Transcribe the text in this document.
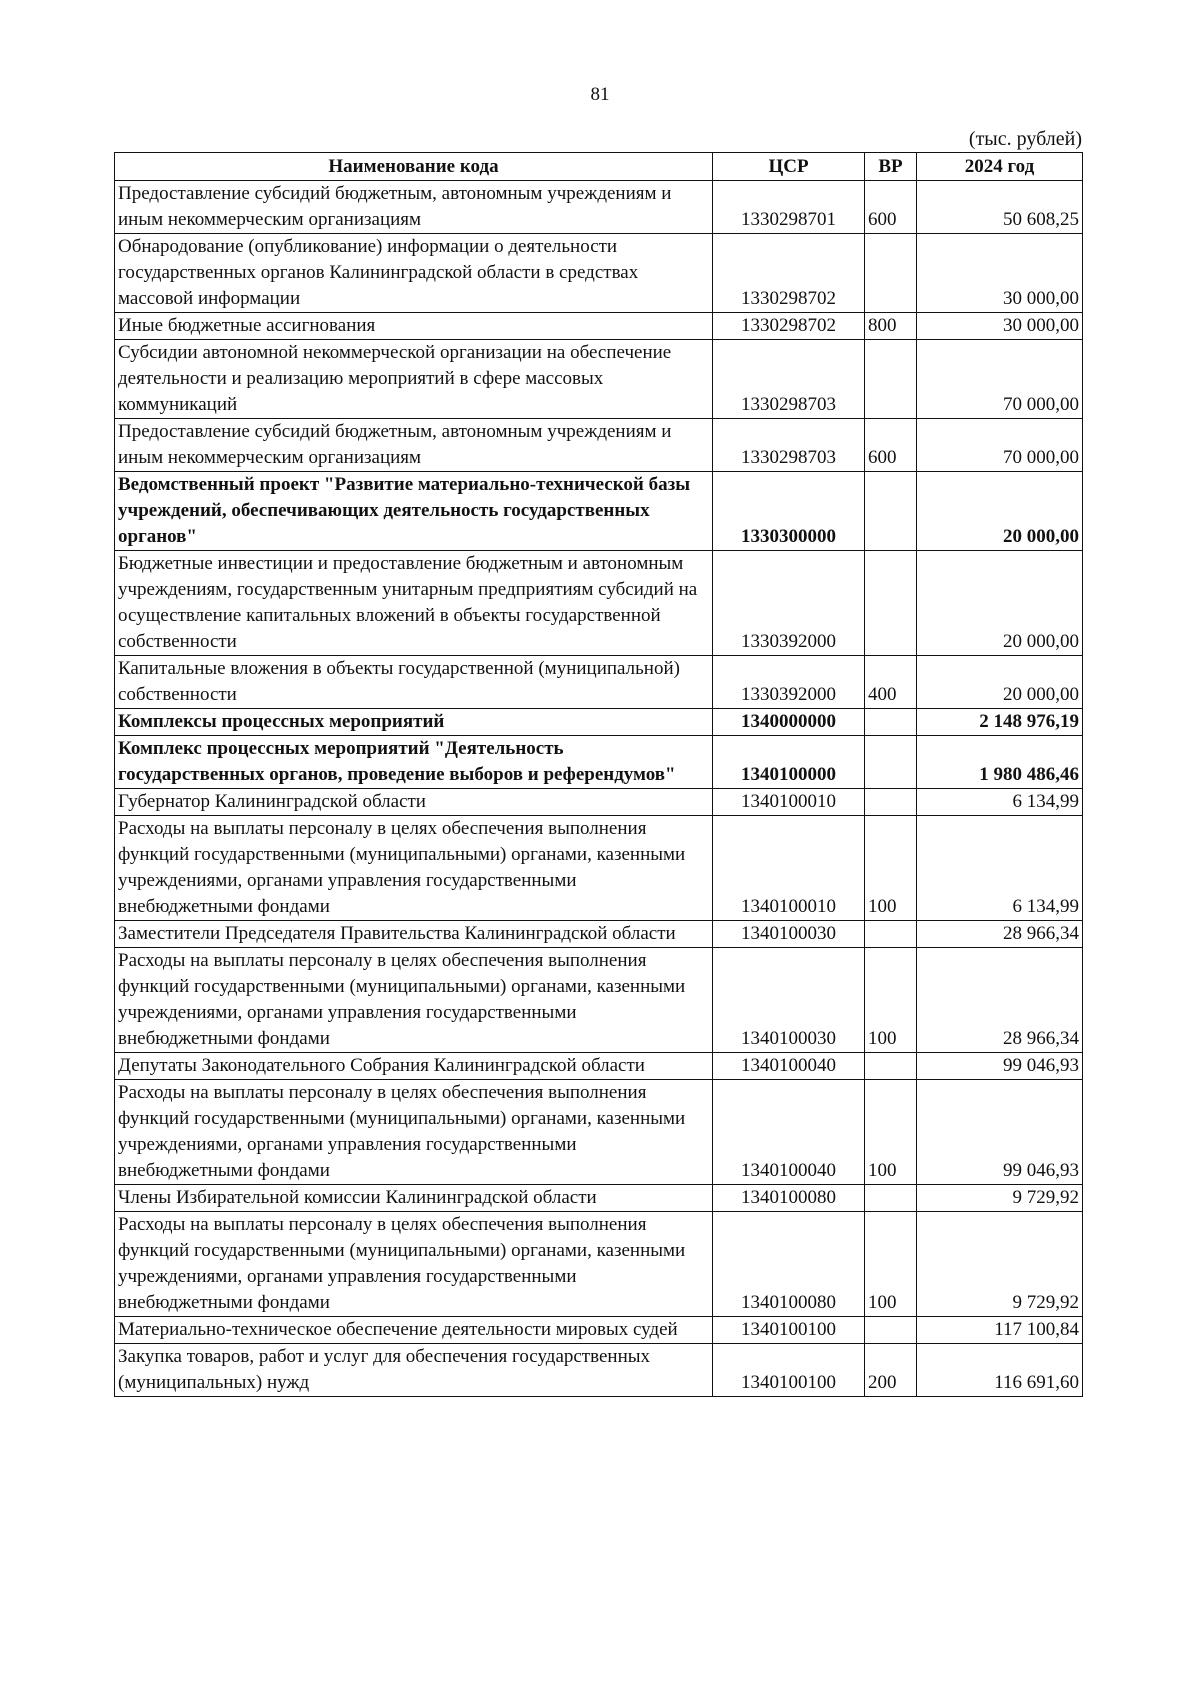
81
(тыс. рублей)
Наименование кода	ЦСР	ВР	2024 год
Предоставление субсидий бюджетным, автономным учреждениям и иным некоммерческим организациям	1330298701	600	50 608,25
Обнародование (опубликование) информации о деятельности государственных органов Калининградской области в средствах массовой информации	1330298702		30 000,00
Иные бюджетные ассигнования	1330298702	800	30 000,00
Субсидии автономной некоммерческой организации на обеспечение деятельности и реализацию мероприятий в сфере массовых коммуникаций	1330298703		70 000,00
Предоставление субсидий бюджетным, автономным учреждениям и иным некоммерческим организациям	1330298703	600	70 000,00
Ведомственный проект "Развитие материально-технической базы учреждений, обеспечивающих деятельность государственных органов"	1330300000		20 000,00
Бюджетные инвестиции и предоставление бюджетным и автономным учреждениям, государственным унитарным предприятиям субсидий на осуществление капитальных вложений в объекты государственной собственности	1330392000		20 000,00
Капитальные вложения в объекты государственной (муниципальной) собственности	1330392000	400	20 000,00
Комплексы процессных мероприятий	1340000000		2 148 976,19
Комплекс процессных мероприятий "Деятельность государственных органов, проведение выборов и референдумов"	1340100000		1 980 486,46
Губернатор Калининградской области	1340100010		6 134,99
Расходы на выплаты персоналу в целях обеспечения выполнения функций государственными (муниципальными) органами, казенными учреждениями, органами управления государственными внебюджетными фондами	1340100010	100	6 134,99
Заместители Председателя Правительства Калининградской области	1340100030		28 966,34
Расходы на выплаты персоналу в целях обеспечения выполнения функций государственными (муниципальными) органами, казенными учреждениями, органами управления государственными внебюджетными фондами	1340100030	100	28 966,34
Депутаты Законодательного Собрания Калининградской области	1340100040		99 046,93
Расходы на выплаты персоналу в целях обеспечения выполнения функций государственными (муниципальными) органами, казенными учреждениями, органами управления государственными внебюджетными фондами	1340100040	100	99 046,93
Члены Избирательной комиссии Калининградской области	1340100080		9 729,92
Расходы на выплаты персоналу в целях обеспечения выполнения функций государственными (муниципальными) органами, казенными учреждениями, органами управления государственными внебюджетными фондами	1340100080	100	9 729,92
Материально-техническое обеспечение деятельности мировых судей	1340100100		117 100,84
Закупка товаров, работ и услуг для обеспечения государственных (муниципальных) нужд	1340100100	200	116 691,60
